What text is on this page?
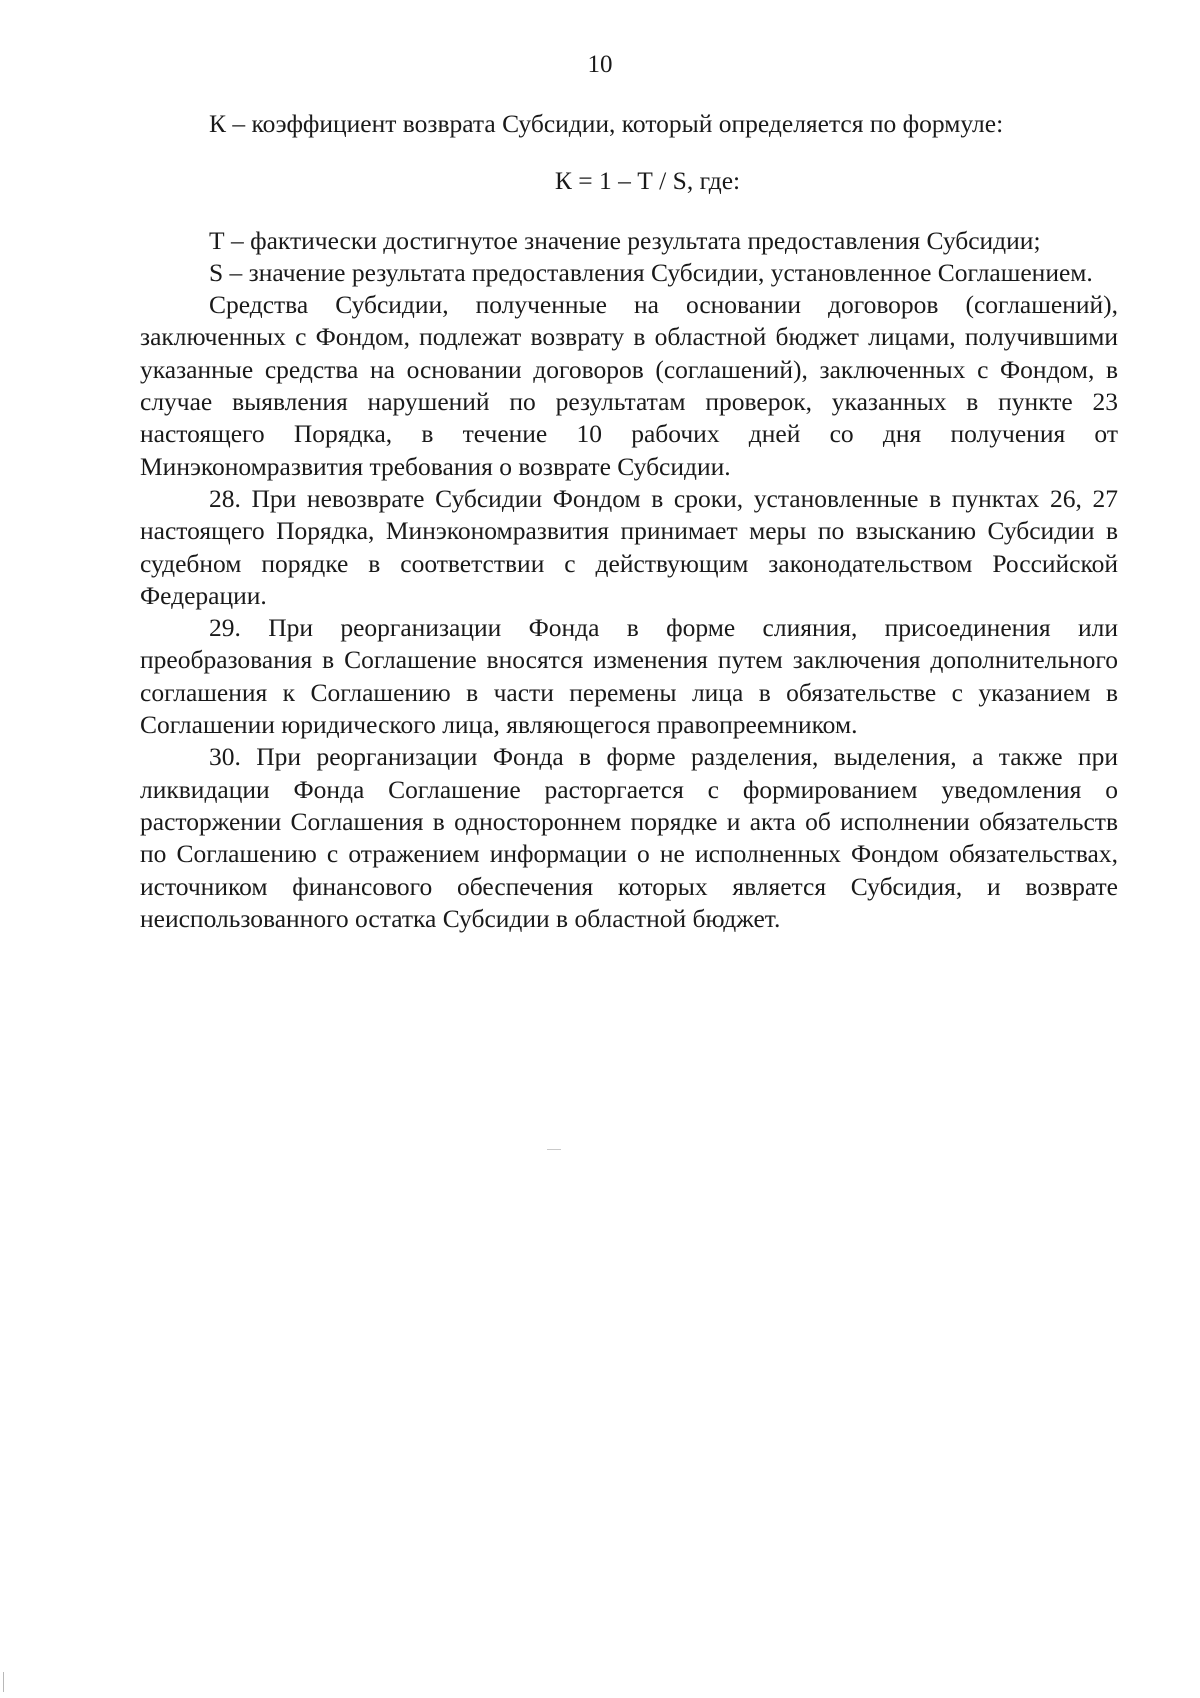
10

К – коэффициент возврата Субсидии, который определяется по формуле:

К = 1 – Т / S, где:

Т – фактически достигнутое значение результата предоставления Субсидии;

S – значение результата предоставления Субсидии, установленное Соглашением.

Средства Субсидии, полученные на основании договоров (соглашений), заключенных с Фондом, подлежат возврату в областной бюджет лицами, получившими указанные средства на основании договоров (соглашений), заключенных с Фондом, в случае выявления нарушений по результатам проверок, указанных в пункте 23 настоящего Порядка, в течение 10 рабочих дней со дня получения от Минэкономразвития требования о возврате Субсидии.

28. При невозврате Субсидии Фондом в сроки, установленные в пунктах 26, 27 настоящего Порядка, Минэкономразвития принимает меры по взысканию Субсидии в судебном порядке в соответствии с действующим законодательством Российской Федерации.

29. При реорганизации Фонда в форме слияния, присоединения или преобразования в Соглашение вносятся изменения путем заключения дополнительного соглашения к Соглашению в части перемены лица в обязательстве с указанием в Соглашении юридического лица, являющегося правопреемником.

30. При реорганизации Фонда в форме разделения, выделения, а также при ликвидации Фонда Соглашение расторгается с формированием уведомления о расторжении Соглашения в одностороннем порядке и акта об исполнении обязательств по Соглашению с отражением информации о не исполненных Фондом обязательствах, источником финансового обеспечения которых является Субсидия, и возврате неиспользованного остатка Субсидии в областной бюджет.
